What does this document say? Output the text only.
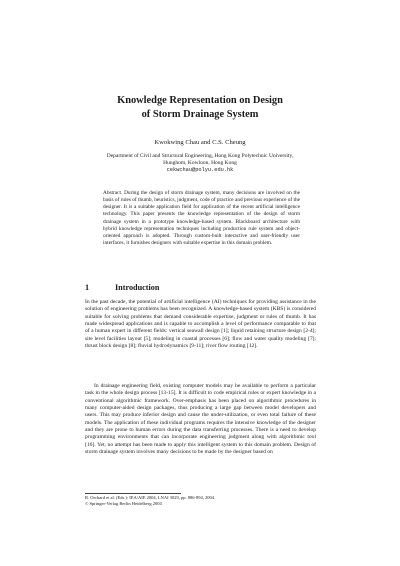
Knowledge Representation on Design
of Storm Drainage System
Kwokwing Chau and C.S. Cheung
Department of Civil and Structural Engineering, Hong Kong Polytechnic University,
Hunghom, Kowloon, Hong Kong
cekwchau@polyu.edu.hk
Abstract. During the design of storm drainage system, many decisions are involved on the basis of rules of thumb, heuristics, judgment, code of practice and previous experience of the designer. It is a suitable application field for application of the recent artificial intelligence technology. This paper presents the knowledge representation of the design of storm drainage system in a prototype knowledge-based system. Blackboard architecture with hybrid knowledge representation techniques including production rule system and object-oriented approach is adopted. Through custom-built interactive and user-friendly user interfaces, it furnishes designers with suitable expertise in this domain problem.
1	Introduction
In the past decade, the potential of artificial intelligence (AI) techniques for providing assistance in the solution of engineering problems has been recognized. A knowledge-based system (KBS) is considered suitable for solving problems that demand considerable expertise, judgment or rules of thumb. It has made widespread applications and is capable to accomplish a level of performance comparable to that of a human expert in different fields: vertical seawall design [1]; liquid retaining structure design [2-4]; site level facilities layout [5]; modeling in coastal processes [6]; flow and water quality modeling [7]; thrust block design [8]; fluvial hydrodynamics [9-11]; river flow routing [12].
In drainage engineering field, existing computer models may be available to perform a particular task in the whole design process [13-15]. It is difficult to code empirical rules or expert knowledge in a conventional algorithmic framework. Over-emphasis has been placed on algorithmic procedures in many computer-aided design packages, thus producing a large gap between model developers and users. This may produce inferior design and cause the under-utilization, or even total failure of these models. The application of these individual programs requires the intensive knowledge of the designer and they are prone to human errors during the data transferring processes. There is a need to develop programming environments that can incorporate engineering judgment along with algorithmic tool [16]. Yet, no attempt has been made to apply this intelligent system to this domain problem. Design of storm drainage system involves many decisions to be made by the designer based on
R. Orchard et al. (Eds.): IEA/AIE 2004, LNAI 3029, pp. 886-894, 2004.
© Springer-Verlag Berlin Heidelberg 2004
